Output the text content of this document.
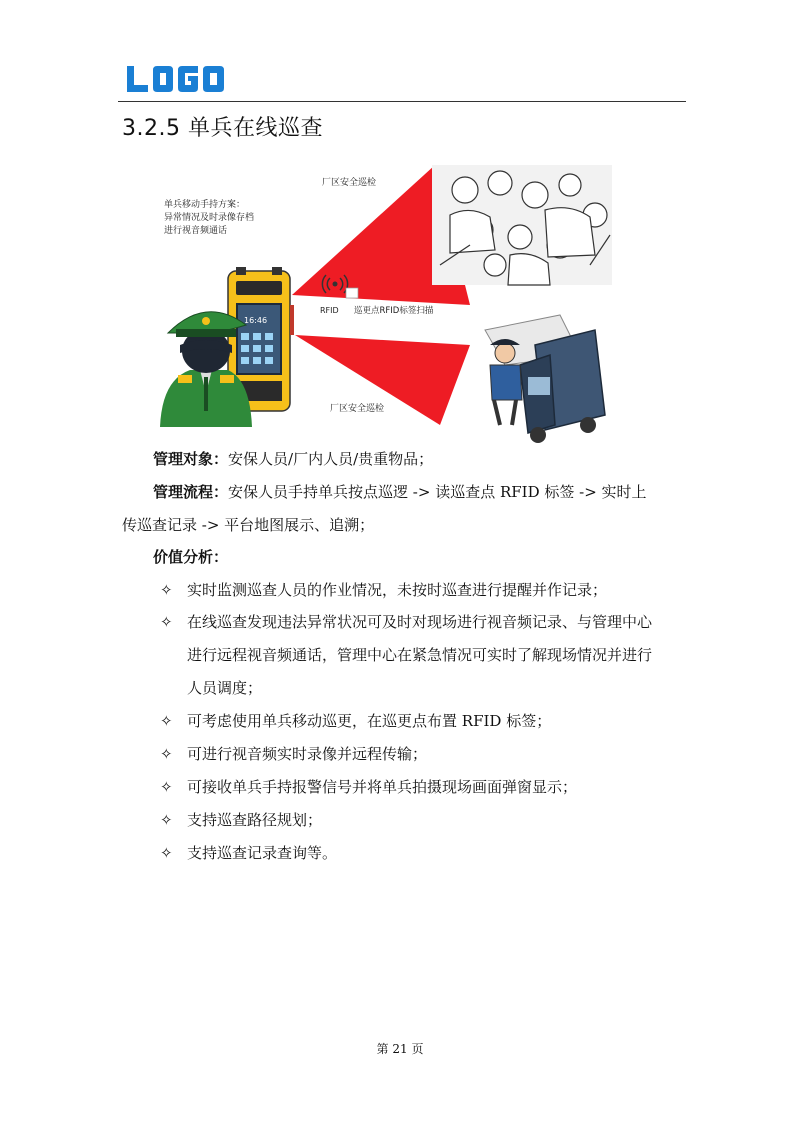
3.2.5 单兵在线巡查
单兵移动手持方案：
异常情况及时录像存档
进行视音频通话
厂区安全巡检
厂区安全巡检
RFID 巡更点RFID标签扫描
16:46

管理对象：安保人员/厂内人员/贵重物品；

管理流程：安保人员手持单兵按点巡逻 -> 读巡查点 RFID 标签 -> 实时上

传巡查记录 -> 平台地图展示、追溯；

价值分析：

✧ 实时监测巡查人员的作业情况，未按时巡查进行提醒并作记录；
✧ 在线巡查发现违法异常状况可及时对现场进行视音频记录、与管理中心
进行远程视音频通话，管理中心在紧急情况可实时了解现场情况并进行
人员调度；
✧ 可考虑使用单兵移动巡更，在巡更点布置 RFID 标签；
✧ 可进行视音频实时录像并远程传输；
✧ 可接收单兵手持报警信号并将单兵拍摄现场画面弹窗显示；
✧ 支持巡查路径规划；
✧ 支持巡查记录查询等。
第 21 页
